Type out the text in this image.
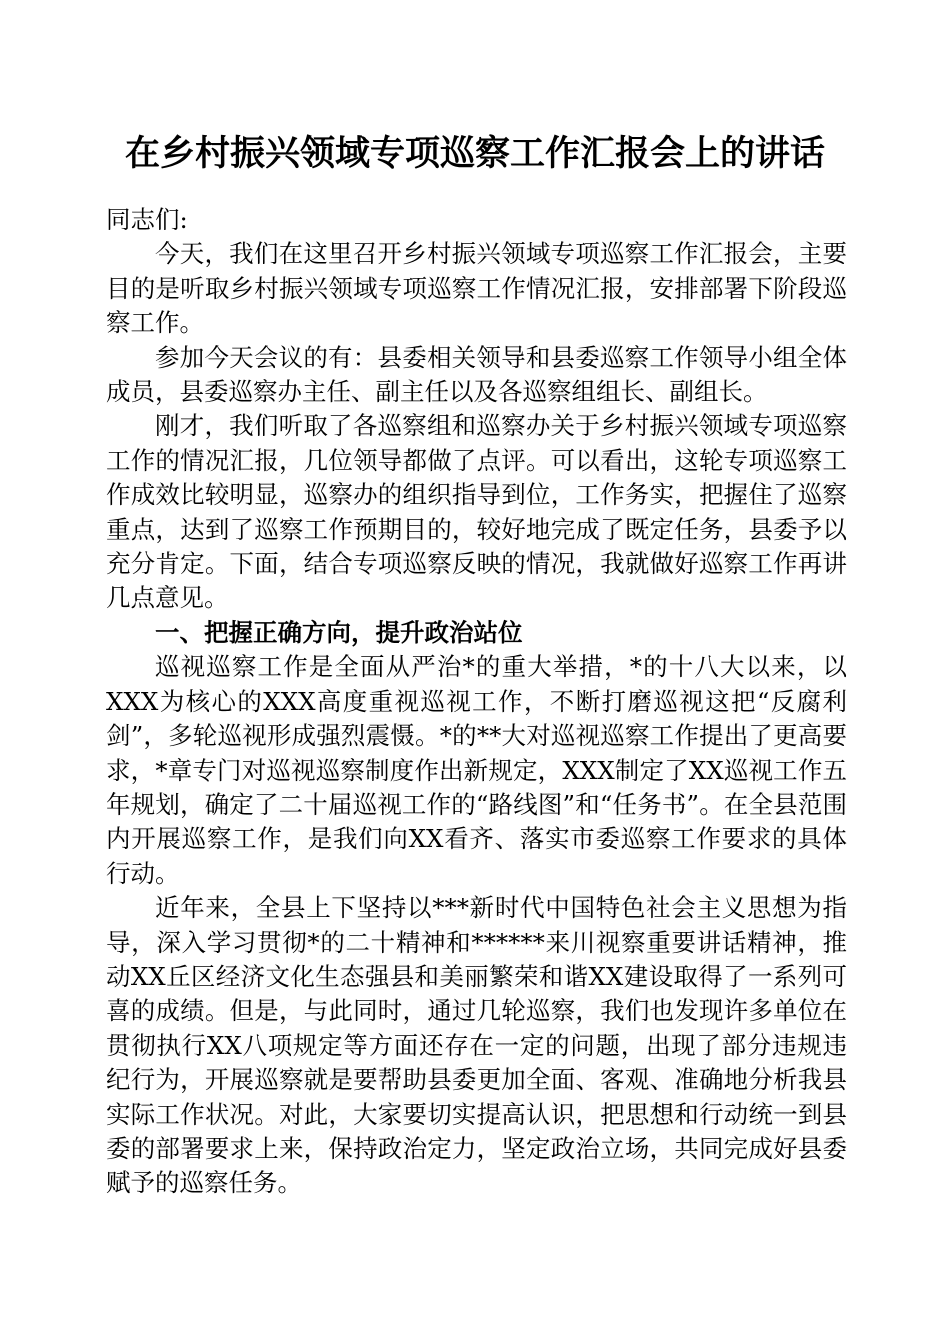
在乡村振兴领域专项巡察工作汇报会上的讲话

同志们:

今天，我们在这里召开乡村振兴领域专项巡察工作汇报会，主要目的是听取乡村振兴领域专项巡察工作情况汇报，安排部署下阶段巡察工作。

参加今天会议的有：县委相关领导和县委巡察工作领导小组全体成员，县委巡察办主任、副主任以及各巡察组组长、副组长。

刚才，我们听取了各巡察组和巡察办关于乡村振兴领域专项巡察工作的情况汇报，几位领导都做了点评。可以看出，这轮专项巡察工作成效比较明显，巡察办的组织指导到位，工作务实，把握住了巡察重点，达到了巡察工作预期目的，较好地完成了既定任务，县委予以充分肯定。下面，结合专项巡察反映的情况，我就做好巡察工作再讲几点意见。

一、把握正确方向，提升政治站位

巡视巡察工作是全面从严治*的重大举措，*的十八大以来，以XXX为核心的XXX高度重视巡视工作，不断打磨巡视这把“反腐利剑”，多轮巡视形成强烈震慑。*的**大对巡视巡察工作提出了更高要求，*章专门对巡视巡察制度作出新规定，XXX制定了XX巡视工作五年规划，确定了二十届巡视工作的“路线图”和“任务书”。在全县范围内开展巡察工作，是我们向XX看齐、落实市委巡察工作要求的具体行动。

近年来，全县上下坚持以***新时代中国特色社会主义思想为指导，深入学习贯彻*的二十精神和******来川视察重要讲话精神，推动XX丘区经济文化生态强县和美丽繁荣和谐XX建设取得了一系列可喜的成绩。但是，与此同时，通过几轮巡察，我们也发现许多单位在贯彻执行XX八项规定等方面还存在一定的问题，出现了部分违规违纪行为，开展巡察就是要帮助县委更加全面、客观、准确地分析我县实际工作状况。对此，大家要切实提高认识，把思想和行动统一到县委的部署要求上来，保持政治定力，坚定政治立场，共同完成好县委赋予的巡察任务。
